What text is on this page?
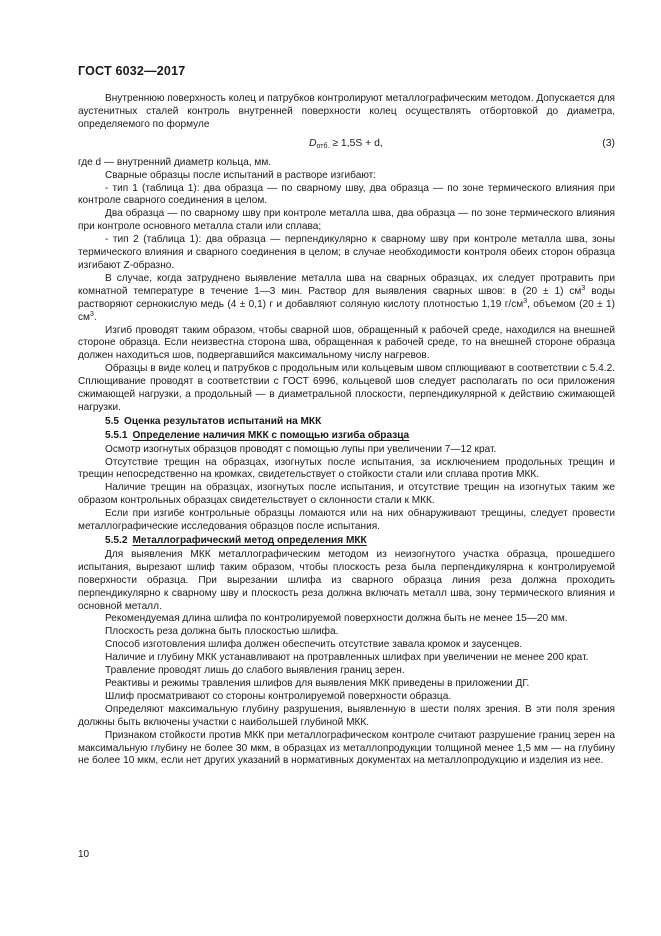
ГОСТ 6032—2017

Внутреннюю поверхность колец и патрубков контролируют металлографическим методом. Допускается для аустенитных сталей контроль внутренней поверхности колец осуществлять отбортовкой до диаметра, определяемого по формуле

$D_{отб.} \ge 1,5S + d$,	(3)

где d — внутренний диаметр кольца, мм.

Сварные образцы после испытаний в растворе изгибают:

- тип 1 (таблица 1): два образца — по сварному шву, два образца — по зоне термического влияния при контроле сварного соединения в целом.

Два образца — по сварному шву при контроле металла шва, два образца — по зоне термического влияния при контроле основного металла стали или сплава;

- тип 2 (таблица 1): два образца — перпендикулярно к сварному шву при контроле металла шва, зоны термического влияния и сварного соединения в целом; в случае необходимости контроля обеих сторон образца изгибают Z-образно.

В случае, когда затруднено выявление металла шва на сварных образцах, их следует протравить при комнатной температуре в течение 1—3 мин. Раствор для выявления сварных швов: в (20 ± 1) $см^3$ воды растворяют сернокислую медь (4 ± 0,1) г и добавляют соляную кислоту плотностью 1,19 $г/см^3$, объемом (20 ± 1) $см^3$.

Изгиб проводят таким образом, чтобы сварной шов, обращенный к рабочей среде, находился на внешней стороне образца. Если неизвестна сторона шва, обращенная к рабочей среде, то на внешней стороне образца должен находиться шов, подвергавшийся максимальному числу нагревов.

Образцы в виде колец и патрубков с продольным или кольцевым швом сплющивают в соответствии с 5.4.2. Сплющивание проводят в соответствии с ГОСТ 6996, кольцевой шов следует располагать по оси приложения сжимающей нагрузки, а продольный — в диаметральной плоскости, перпендикулярной к действию сжимающей нагрузки.

5.5 Оценка результатов испытаний на МКК
5.5.1 Определение наличия МКК с помощью изгиба образца

Осмотр изогнутых образцов проводят с помощью лупы при увеличении 7—12 крат.

Отсутствие трещин на образцах, изогнутых после испытания, за исключением продольных трещин и трещин непосредственно на кромках, свидетельствует о стойкости стали или сплава против МКК.

Наличие трещин на образцах, изогнутых после испытания, и отсутствие трещин на изогнутых таким же образом контрольных образцах свидетельствует о склонности стали к МКК.

Если при изгибе контрольные образцы ломаются или на них обнаруживают трещины, следует провести металлографические исследования образцов после испытания.

5.5.2 Металлографический метод определения МКК

Для выявления МКК металлографическим методом из неизогнутого участка образца, прошедшего испытания, вырезают шлиф таким образом, чтобы плоскость реза была перпендикулярна к контролируемой поверхности образца. При вырезании шлифа из сварного образца линия реза должна проходить перпендикулярно к сварному шву и плоскость реза должна включать металл шва, зону термического влияния и основной металл.

Рекомендуемая длина шлифа по контролируемой поверхности должна быть не менее 15—20 мм.

Плоскость реза должна быть плоскостью шлифа.

Способ изготовления шлифа должен обеспечить отсутствие завала кромок и заусенцев.

Наличие и глубину МКК устанавливают на протравленных шлифах при увеличении не менее 200 крат.

Травление проводят лишь до слабого выявления границ зерен.

Реактивы и режимы травления шлифов для выявления МКК приведены в приложении ДГ.

Шлиф просматривают со стороны контролируемой поверхности образца.

Определяют максимальную глубину разрушения, выявленную в шести полях зрения. В эти поля зрения должны быть включены участки с наибольшей глубиной МКК.

Признаком стойкости против МКК при металлографическом контроле считают разрушение границ зерен на максимальную глубину не более 30 мкм, в образцах из металлопродукции толщиной менее 1,5 мм — на глубину не более 10 мкм, если нет других указаний в нормативных документах на металлопродукцию и изделия из нее.

10
